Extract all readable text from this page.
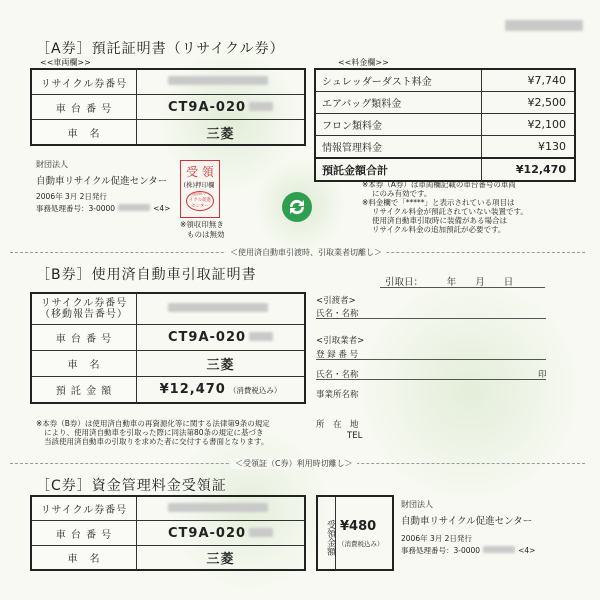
［A券］預託証明書（リサイクル券）
<<車両欄>>	<<料金欄>>
リサイクル券番号	
車 台 番 号	CT9A-020
車　名	三菱
シュレッダーダスト料金	¥7,740
エアバッグ類料金	¥2,500
フロン類料金	¥2,100
情報管理料金	¥130
預託金額合計	¥12,470
財団法人
自動車リサイクル促進センター
2006年 3月 2日発行
事務処理番号：3-0000	<4>
受 領
(株)押印欄
自動車リサイクル促進センター
※領収印無き
ものは無効
※本券（A券）は車両欄記載の車台番号の車両
にのみ有効です。
※料金欄で「*****」と表示されている項目は
リサイクル料金が預託されていない装置です。
使用済自動車引取時に装備がある場合は
リサイクル料金の追加預託が必要です。
＜使用済自動車引渡時、引取業者切離し＞
［B券］使用済自動車引取証明書	引取日：　　　年　　月　　日
リサイクル券番号
（移動報告番号）	

車 台 番 号	CT9A-020
車　名	三菱
預 託 金 額	¥12,470 （消費税込み）
<引渡者>
氏名・名称
<引取業者>
登 録 番 号
氏名・名称	印
事業所名称
所　在　地
TEL
※本券（B券）は使用済自動車の再資源化等に関する法律第9条の規定
により、使用済自動車を引取った際に同法第80条の規定に基づき
当該使用済自動車の引取りを求めた者に交付する書面となります。
＜受領証（C券）利用時切離し＞
［C券］資金管理料金受領証
リサイクル券番号	
車 台 番 号	CT9A-020
車　名	三菱
受領金額 ¥480
（消費税込み）
財団法人
自動車リサイクル促進センター
2006年 3月 2日発行
事務処理番号：3-0000	<4>
